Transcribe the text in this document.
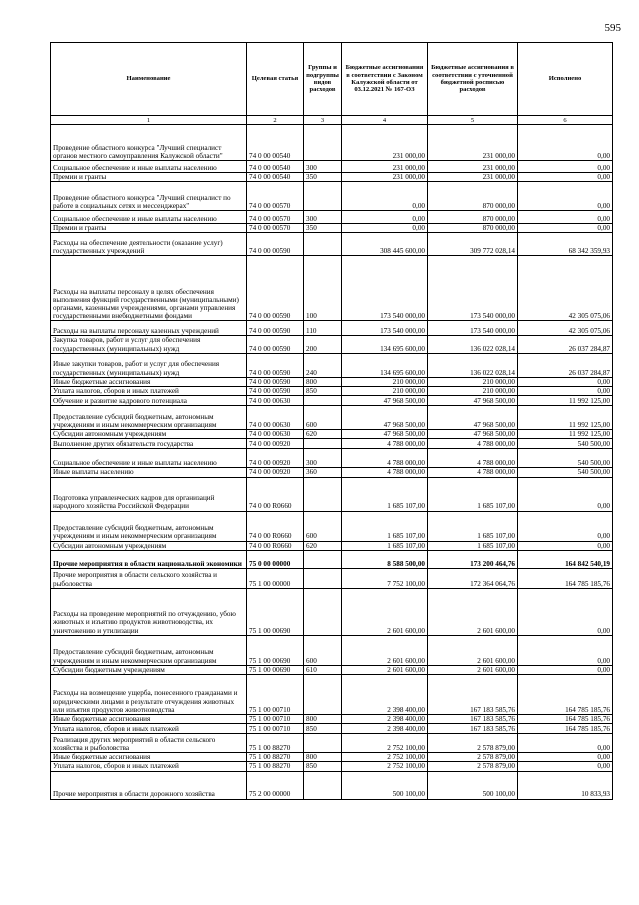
595
Наименование	Целевая статья	Группы и подгруппы видов расходов	Бюджетные ассигнования в соответствии с Законом Калужской области от 03.12.2021 № 167-ОЗ	Бюджетные ассигнования в соответствии с уточненной бюджетной росписью расходов	Исполнено
1	2	3	4	5	6
Проведение областного конкурса "Лучший специалист органов местного самоуправления Калужской области"	74 0 00 00540		231 000,00	231 000,00	0,00
Социальное обеспечение и иные выплаты населению	74 0 00 00540	300	231 000,00	231 000,00	0,00
Премии и гранты	74 0 00 00540	350	231 000,00	231 000,00	0,00
Проведение областного конкурса "Лучший специалист по работе в социальных сетях и мессенджерах"	74 0 00 00570		0,00	870 000,00	0,00
Социальное обеспечение и иные выплаты населению	74 0 00 00570	300	0,00	870 000,00	0,00
Премии и гранты	74 0 00 00570	350	0,00	870 000,00	0,00
Расходы на обеспечение деятельности (оказание услуг) государственных учреждений	74 0 00 00590		308 445 600,00	309 772 028,14	68 342 359,93
Расходы на выплаты персоналу в целях обеспечения выполнения функций государственными (муниципальными) органами, казенными учреждениями, органами управления государственными внебюджетными фондами	74 0 00 00590	100	173 540 000,00	173 540 000,00	42 305 075,06
Расходы на выплаты персоналу казенных учреждений	74 0 00 00590	110	173 540 000,00	173 540 000,00	42 305 075,06
Закупка товаров, работ и услуг для обеспечения государственных (муниципальных) нужд	74 0 00 00590	200	134 695 600,00	136 022 028,14	26 037 284,87
Иные закупки товаров, работ и услуг для обеспечения государственных (муниципальных) нужд	74 0 00 00590	240	134 695 600,00	136 022 028,14	26 037 284,87
Иные бюджетные ассигнования	74 0 00 00590	800	210 000,00	210 000,00	0,00
Уплата налогов, сборов и иных платежей	74 0 00 00590	850	210 000,00	210 000,00	0,00
Обучение и развитие кадрового потенциала	74 0 00 00630		47 968 500,00	47 968 500,00	11 992 125,00
Предоставление субсидий бюджетным, автономным учреждениям и иным некоммерческим организациям	74 0 00 00630	600	47 968 500,00	47 968 500,00	11 992 125,00
Субсидии автономным учреждениям	74 0 00 00630	620	47 968 500,00	47 968 500,00	11 992 125,00
Выполнение других обязательств государства	74 0 00 00920		4 788 000,00	4 788 000,00	540 500,00
Социальное обеспечение и иные выплаты населению	74 0 00 00920	300	4 788 000,00	4 788 000,00	540 500,00
Иные выплаты населению	74 0 00 00920	360	4 788 000,00	4 788 000,00	540 500,00
Подготовка управленческих кадров для организаций народного хозяйства Российской Федерации	74 0 00 R0660		1 685 107,00	1 685 107,00	0,00
Предоставление субсидий бюджетным, автономным учреждениям и иным некоммерческим организациям	74 0 00 R0660	600	1 685 107,00	1 685 107,00	0,00
Субсидии автономным учреждениям	74 0 00 R0660	620	1 685 107,00	1 685 107,00	0,00
Прочие мероприятия в области национальной экономики	75 0 00 00000		8 588 500,00	173 200 464,76	164 842 540,19
Прочие мероприятия в области сельского хозяйства и рыболовства	75 1 00 00000		7 752 100,00	172 364 064,76	164 785 185,76
Расходы на проведение мероприятий по отчуждению, убою животных и изъятию продуктов животноводства, их уничтожению и утилизации	75 1 00 00690		2 601 600,00	2 601 600,00	0,00
Предоставление субсидий бюджетным, автономным учреждениям и иным некоммерческим организациям	75 1 00 00690	600	2 601 600,00	2 601 600,00	0,00
Субсидии бюджетным учреждениям	75 1 00 00690	610	2 601 600,00	2 601 600,00	0,00
Расходы на возмещение ущерба, понесенного гражданами и юридическими лицами в результате отчуждения животных или изъятия продуктов животноводства	75 1 00 00710		2 398 400,00	167 183 585,76	164 785 185,76
Иные бюджетные ассигнования	75 1 00 00710	800	2 398 400,00	167 183 585,76	164 785 185,76
Уплата налогов, сборов и иных платежей	75 1 00 00710	850	2 398 400,00	167 183 585,76	164 785 185,76
Реализация других мероприятий в области сельского хозяйства и рыболовства	75 1 00 88270		2 752 100,00	2 578 879,00	0,00
Иные бюджетные ассигнования	75 1 00 88270	800	2 752 100,00	2 578 879,00	0,00
Уплата налогов, сборов и иных платежей	75 1 00 88270	850	2 752 100,00	2 578 879,00	0,00
Прочие мероприятия в области дорожного хозяйства	75 2 00 00000		500 100,00	500 100,00	10 833,93
